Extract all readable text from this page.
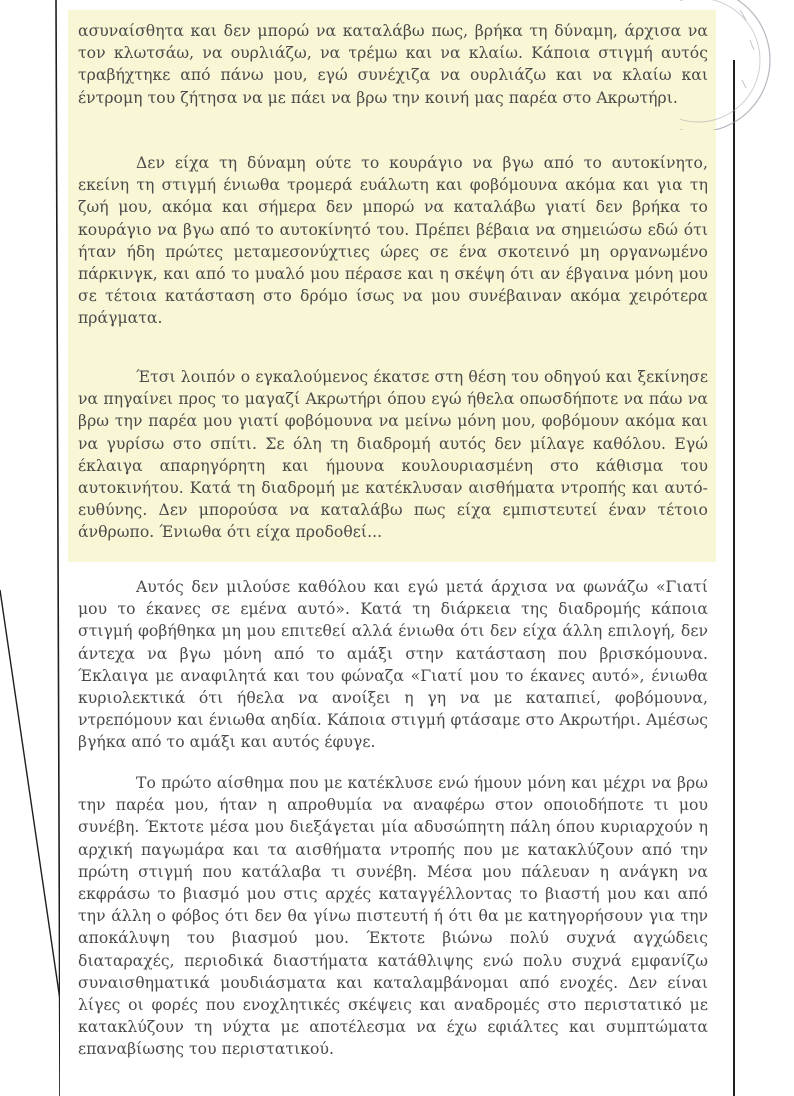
ασυναίσθητα και δεν μπορώ να καταλάβω πως, βρήκα τη δύναμη, άρχισα να τον κλωτσάω, να ουρλιάζω, να τρέμω και να κλαίω. Κάποια στιγμή αυτός τραβήχτηκε από πάνω μου, εγώ συνέχιζα να ουρλιάζω και να κλαίω και έντρομη του ζήτησα να με πάει να βρω την κοινή μας παρέα στο Ακρωτήρι.

Δεν είχα τη δύναμη ούτε το κουράγιο να βγω από το αυτοκίνητο, εκείνη τη στιγμή ένιωθα τρομερά ευάλωτη και φοβόμουνα ακόμα και για τη ζωή μου, ακόμα και σήμερα δεν μπορώ να καταλάβω γιατί δεν βρήκα το κουράγιο να βγω από το αυτοκίνητό του. Πρέπει βέβαια να σημειώσω εδώ ότι ήταν ήδη πρώτες μεταμεσονύχτιες ώρες σε ένα σκοτεινό μη οργανωμένο πάρκινγκ, και από το μυαλό μου πέρασε και η σκέψη ότι αν έβγαινα μόνη μου σε τέτοια κατάσταση στο δρόμο ίσως να μου συνέβαιναν ακόμα χειρότερα πράγματα.

Έτσι λοιπόν ο εγκαλούμενος έκατσε στη θέση του οδηγού και ξεκίνησε να πηγαίνει προς το μαγαζί Ακρωτήρι όπου εγώ ήθελα οπωσδήποτε να πάω να βρω την παρέα μου γιατί φοβόμουνα να μείνω μόνη μου, φοβόμουν ακόμα και να γυρίσω στο σπίτι. Σε όλη τη διαδρομή αυτός δεν μίλαγε καθόλου. Εγώ έκλαιγα απαρηγόρητη και ήμουνα κουλουριασμένη στο κάθισμα του αυτοκινήτου. Κατά τη διαδρομή με κατέκλυσαν αισθήματα ντροπής και αυτό-ευθύνης. Δεν μπορούσα να καταλάβω πως είχα εμπιστευτεί έναν τέτοιο άνθρωπο. Ένιωθα ότι είχα προδοθεί...

Αυτός δεν μιλούσε καθόλου και εγώ μετά άρχισα να φωνάζω «Γιατί μου το έκανες σε εμένα αυτό». Κατά τη διάρκεια της διαδρομής κάποια στιγμή φοβήθηκα μη μου επιτεθεί αλλά ένιωθα ότι δεν είχα άλλη επιλογή, δεν άντεχα να βγω μόνη από το αμάξι στην κατάσταση που βρισκόμουνα. Έκλαιγα με αναφιλητά και του φώναζα «Γιατί μου το έκανες αυτό», ένιωθα κυριολεκτικά ότι ήθελα να ανοίξει η γη να με καταπιεί, φοβόμουνα, ντρεπόμουν και ένιωθα αηδία. Κάποια στιγμή φτάσαμε στο Ακρωτήρι. Αμέσως βγήκα από το αμάξι και αυτός έφυγε.

Το πρώτο αίσθημα που με κατέκλυσε ενώ ήμουν μόνη και μέχρι να βρω την παρέα μου, ήταν η απροθυμία να αναφέρω στον οποιοδήποτε τι μου συνέβη. Έκτοτε μέσα μου διεξάγεται μία αδυσώπητη πάλη όπου κυριαρχούν η αρχική παγωμάρα και τα αισθήματα ντροπής που με κατακλύζουν από την πρώτη στιγμή που κατάλαβα τι συνέβη. Μέσα μου πάλευαν η ανάγκη να εκφράσω το βιασμό μου στις αρχές καταγγέλλοντας το βιαστή μου και από την άλλη ο φόβος ότι δεν θα γίνω πιστευτή ή ότι θα με κατηγορήσουν για την αποκάλυψη του βιασμού μου. Έκτοτε βιώνω πολύ συχνά αγχώδεις διαταραχές, περιοδικά διαστήματα κατάθλιψης ενώ πολυ συχνά εμφανίζω συναισθηματικά μουδιάσματα και καταλαμβάνομαι από ενοχές. Δεν είναι λίγες οι φορές που ενοχλητικές σκέψεις και αναδρομές στο περιστατικό με κατακλύζουν τη νύχτα με αποτέλεσμα να έχω εφιάλτες και συμπτώματα επαναβίωσης του περιστατικού.
